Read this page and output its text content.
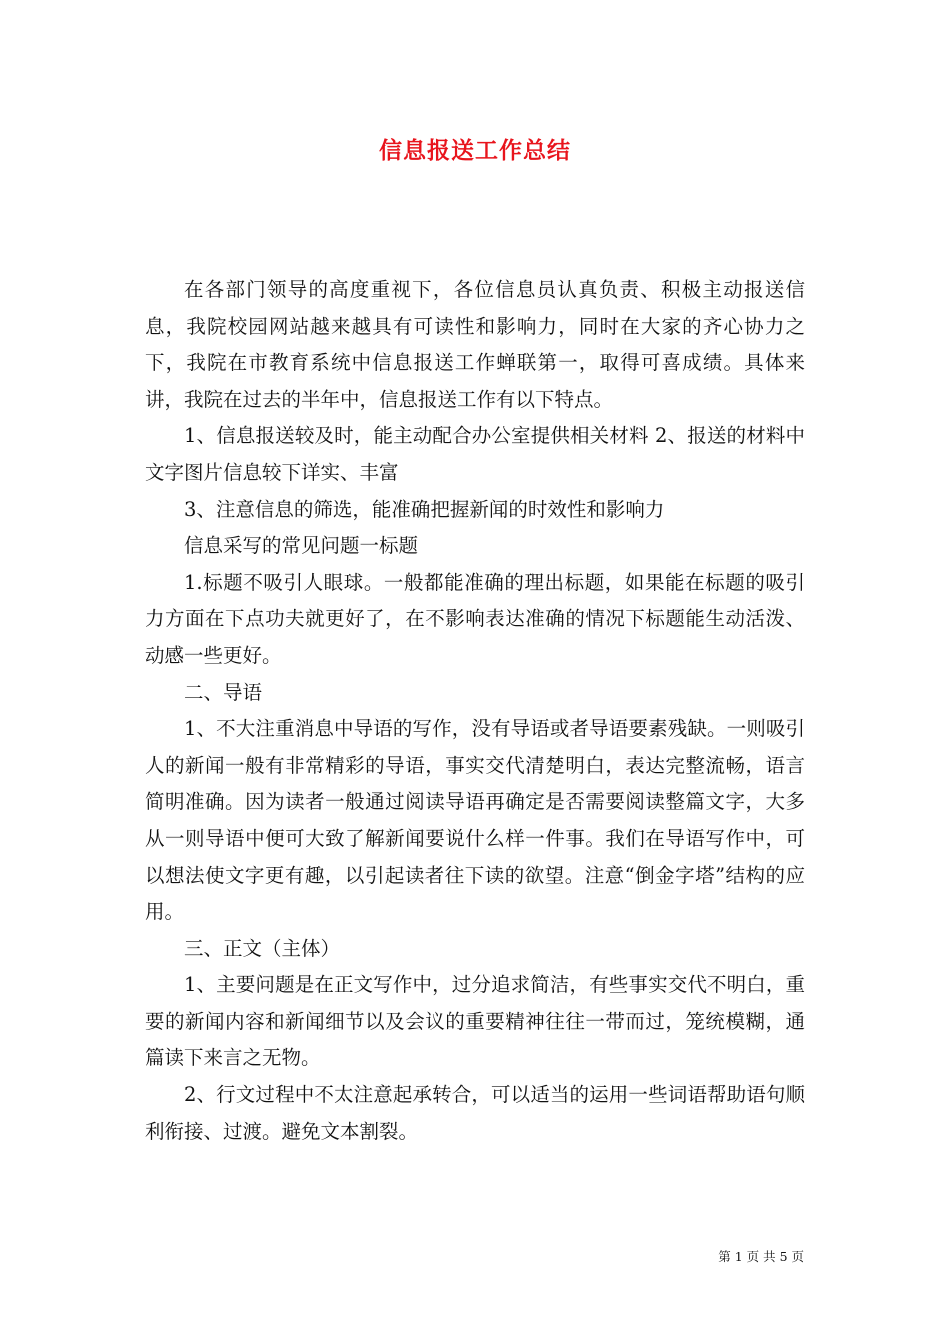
信息报送工作总结

在各部门领导的高度重视下，各位信息员认真负责、积极主动报送信息，我院校园网站越来越具有可读性和影响力，同时在大家的齐心协力之下，我院在市教育系统中信息报送工作蝉联第一，取得可喜成绩。具体来讲，我院在过去的半年中，信息报送工作有以下特点。

1、信息报送较及时，能主动配合办公室提供相关材料 2、报送的材料中文字图片信息较下详实、丰富

3、注意信息的筛选，能准确把握新闻的时效性和影响力

信息采写的常见问题一标题

1.标题不吸引人眼球。一般都能准确的理出标题，如果能在标题的吸引力方面在下点功夫就更好了，在不影响表达准确的情况下标题能生动活泼、动感一些更好。

二、导语

1、不大注重消息中导语的写作，没有导语或者导语要素残缺。一则吸引人的新闻一般有非常精彩的导语，事实交代清楚明白，表达完整流畅，语言简明准确。因为读者一般通过阅读导语再确定是否需要阅读整篇文字，大多从一则导语中便可大致了解新闻要说什么样一件事。我们在导语写作中，可以想法使文字更有趣，以引起读者往下读的欲望。注意“倒金字塔”结构的应用。

三、正文（主体）

1、主要问题是在正文写作中，过分追求简洁，有些事实交代不明白，重要的新闻内容和新闻细节以及会议的重要精神往往一带而过，笼统模糊，通篇读下来言之无物。

2、行文过程中不太注意起承转合，可以适当的运用一些词语帮助语句顺利衔接、过渡。避免文本割裂。

第 1 页 共 5 页
